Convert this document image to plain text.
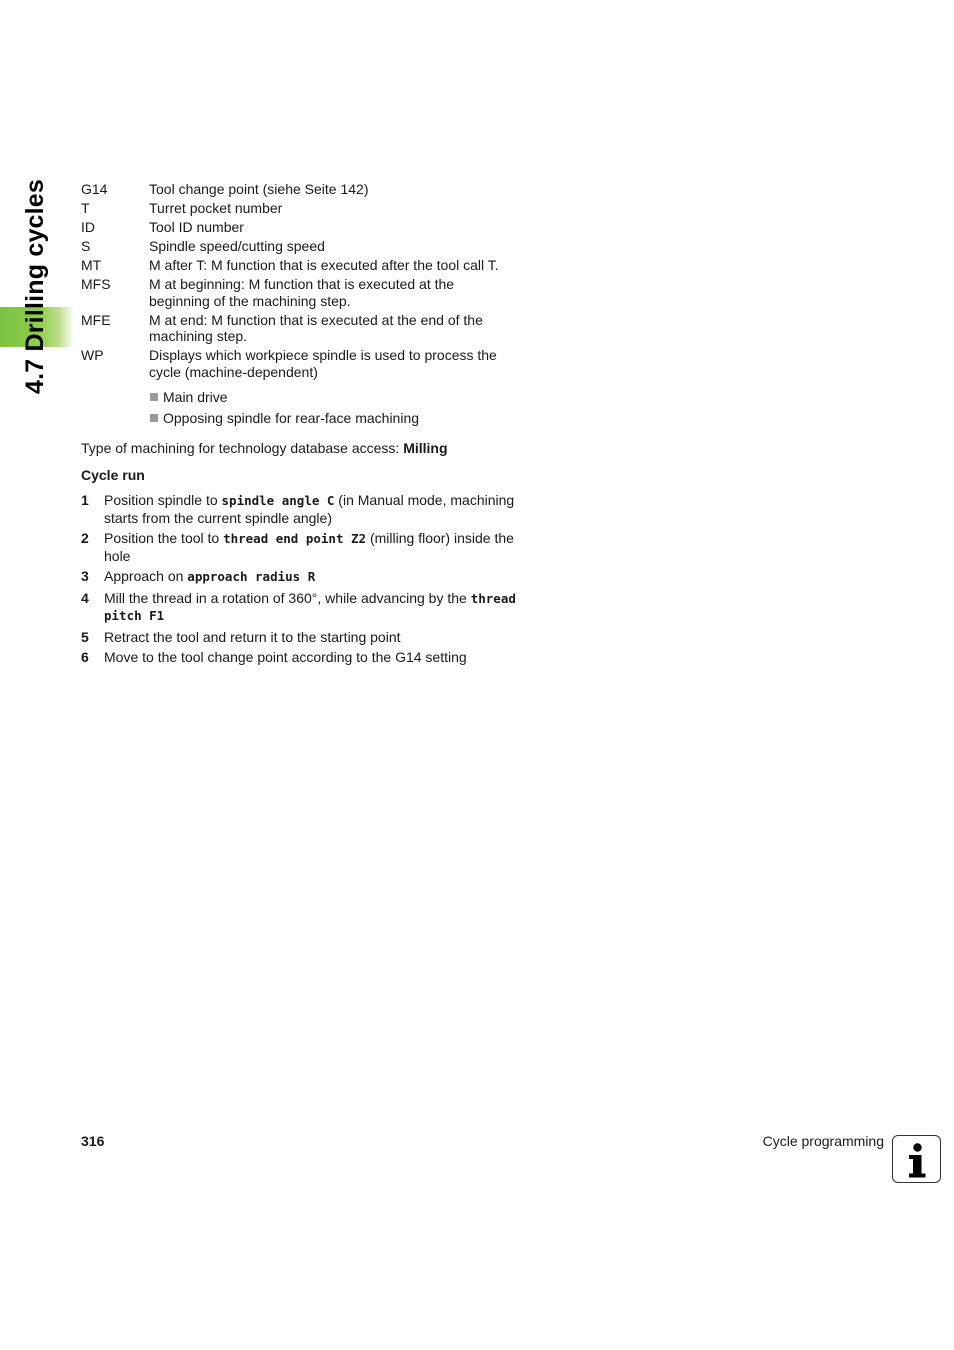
4.7 Drilling cycles G14	Tool change point (siehe Seite 142)
T	Turret pocket number
ID	Tool ID number
S	Spindle speed/cutting speed
MT	M after T: M function that is executed after the tool call T.
MFS	M at beginning: M function that is executed at the
beginning of the machining step.
MFE	M at end: M function that is executed at the end of the
machining step.
WP	Displays which workpiece spindle is used to process the
cycle (machine-dependent)
Main drive
Opposing spindle for rear-face machining
Type of machining for technology database access: Milling
Cycle run
1	Position spindle to spindle angle C (in Manual mode, machining
starts from the current spindle angle)
2	Position the tool to thread end point Z2 (milling floor) inside the
hole
3	Approach on approach radius R
4	Mill the thread in a rotation of 360°, while advancing by the thread
pitch F1
5	Retract the tool and return it to the starting point
6	Move to the tool change point according to the G14 setting
316	Cycle programming
